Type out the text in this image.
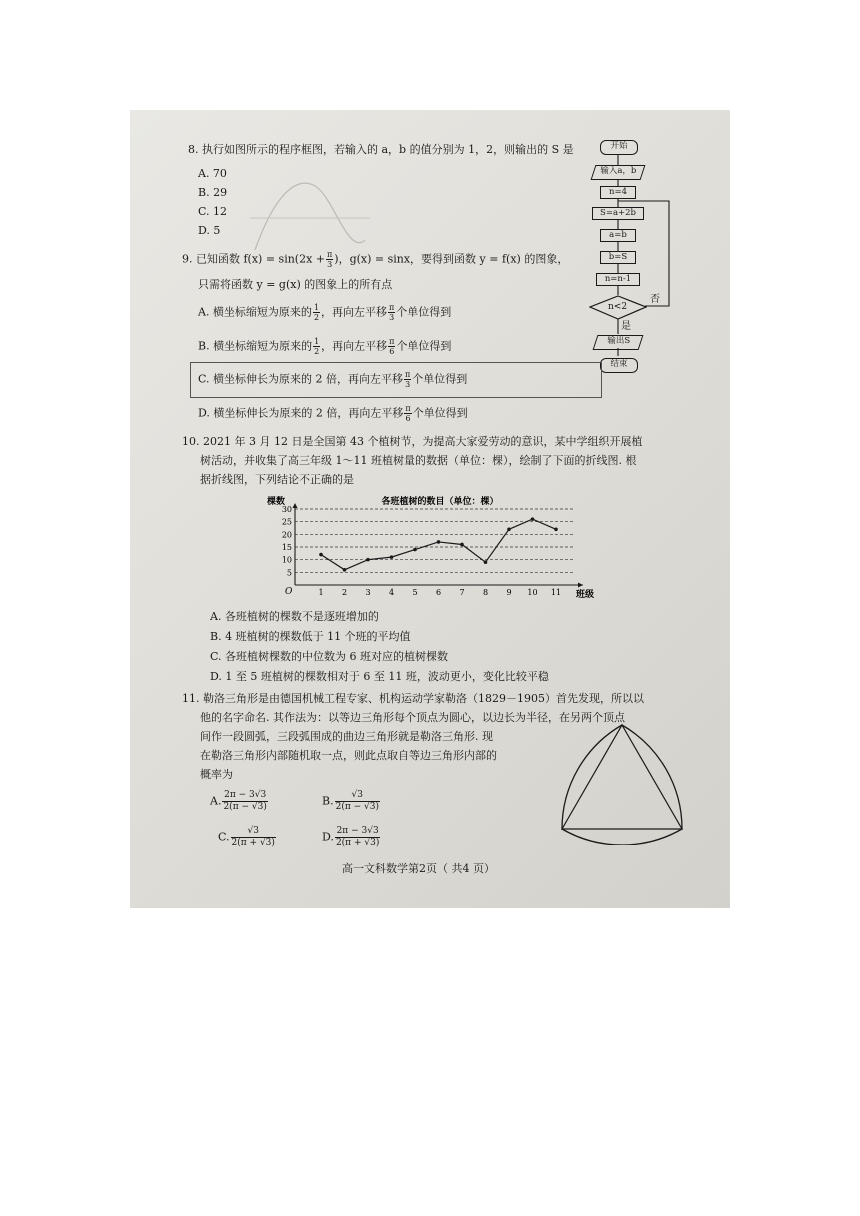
8. 执行如图所示的程序框图，若输入的 a，b 的值分别为 1，2，则输出的 S 是
A. 70
B. 29
C. 12
D. 5
开始
输入a，b
n=4
S=a+2b
a=b
b=S
n=n-1
n<2
否
是
输出S
结束
9. 已知函数 $f(x) = \sin(2x + \frac{\pi}{3}$ )，g(x) = sinx，要得到函数 y = f(x) 的图象，
只需将函数 y = g(x) 的图象上的所有点
A. 横坐标缩短为原来的 $\frac{1}{2}$ ，再向左平移 $\frac{\pi}{3}$ 个单位得到
B. 横坐标缩短为原来的 $\frac{1}{2}$ ，再向左平移 $\frac{\pi}{6}$ 个单位得到
C. 横坐标伸长为原来的 2 倍，再向左平移 $\frac{\pi}{3}$ 个单位得到
D. 横坐标伸长为原来的 2 倍，再向左平移 $\frac{\pi}{6}$ 个单位得到
10. 2021 年 3 月 12 日是全国第 43 个植树节，为提高大家爱劳动的意识，某中学组织开展植
树活动，并收集了高三年级 1～11 班植树量的数据（单位：棵），绘制了下面的折线图. 根
据折线图，下列结论不正确的是
各班植树的数目（单位：棵）
棵数
O
5
10
15
20
25
30
1 2 3 4 5 6 7 8 9 10 11 班级
A. 各班植树的棵数不是逐班增加的
B. 4 班植树的棵数低于 11 个班的平均值
C. 各班植树棵数的中位数为 6 班对应的植树棵数
D. 1 至 5 班植树的棵数相对于 6 至 11 班，波动更小，变化比较平稳
11. 勒洛三角形是由德国机械工程专家、机构运动学家勒洛（1829－1905）首先发现，所以以
他的名字命名. 其作法为：以等边三角形每个顶点为圆心，以边长为半径，在另两个顶点
间作一段圆弧，三段弧围成的曲边三角形就是勒洛三角形. 现
在勒洛三角形内部随机取一点，则此点取自等边三角形内部的
概率为
A. $\frac{2\pi - 3√3}{2(\pi - √3)}$	B. $\frac{√3}{2(\pi - √3)}$
C. $\frac{√3}{2(\pi + √3)}$	D. $\frac{2\pi - 3√3}{2(\pi + √3)}$
高一文科数学第2页（ 共4 页）
